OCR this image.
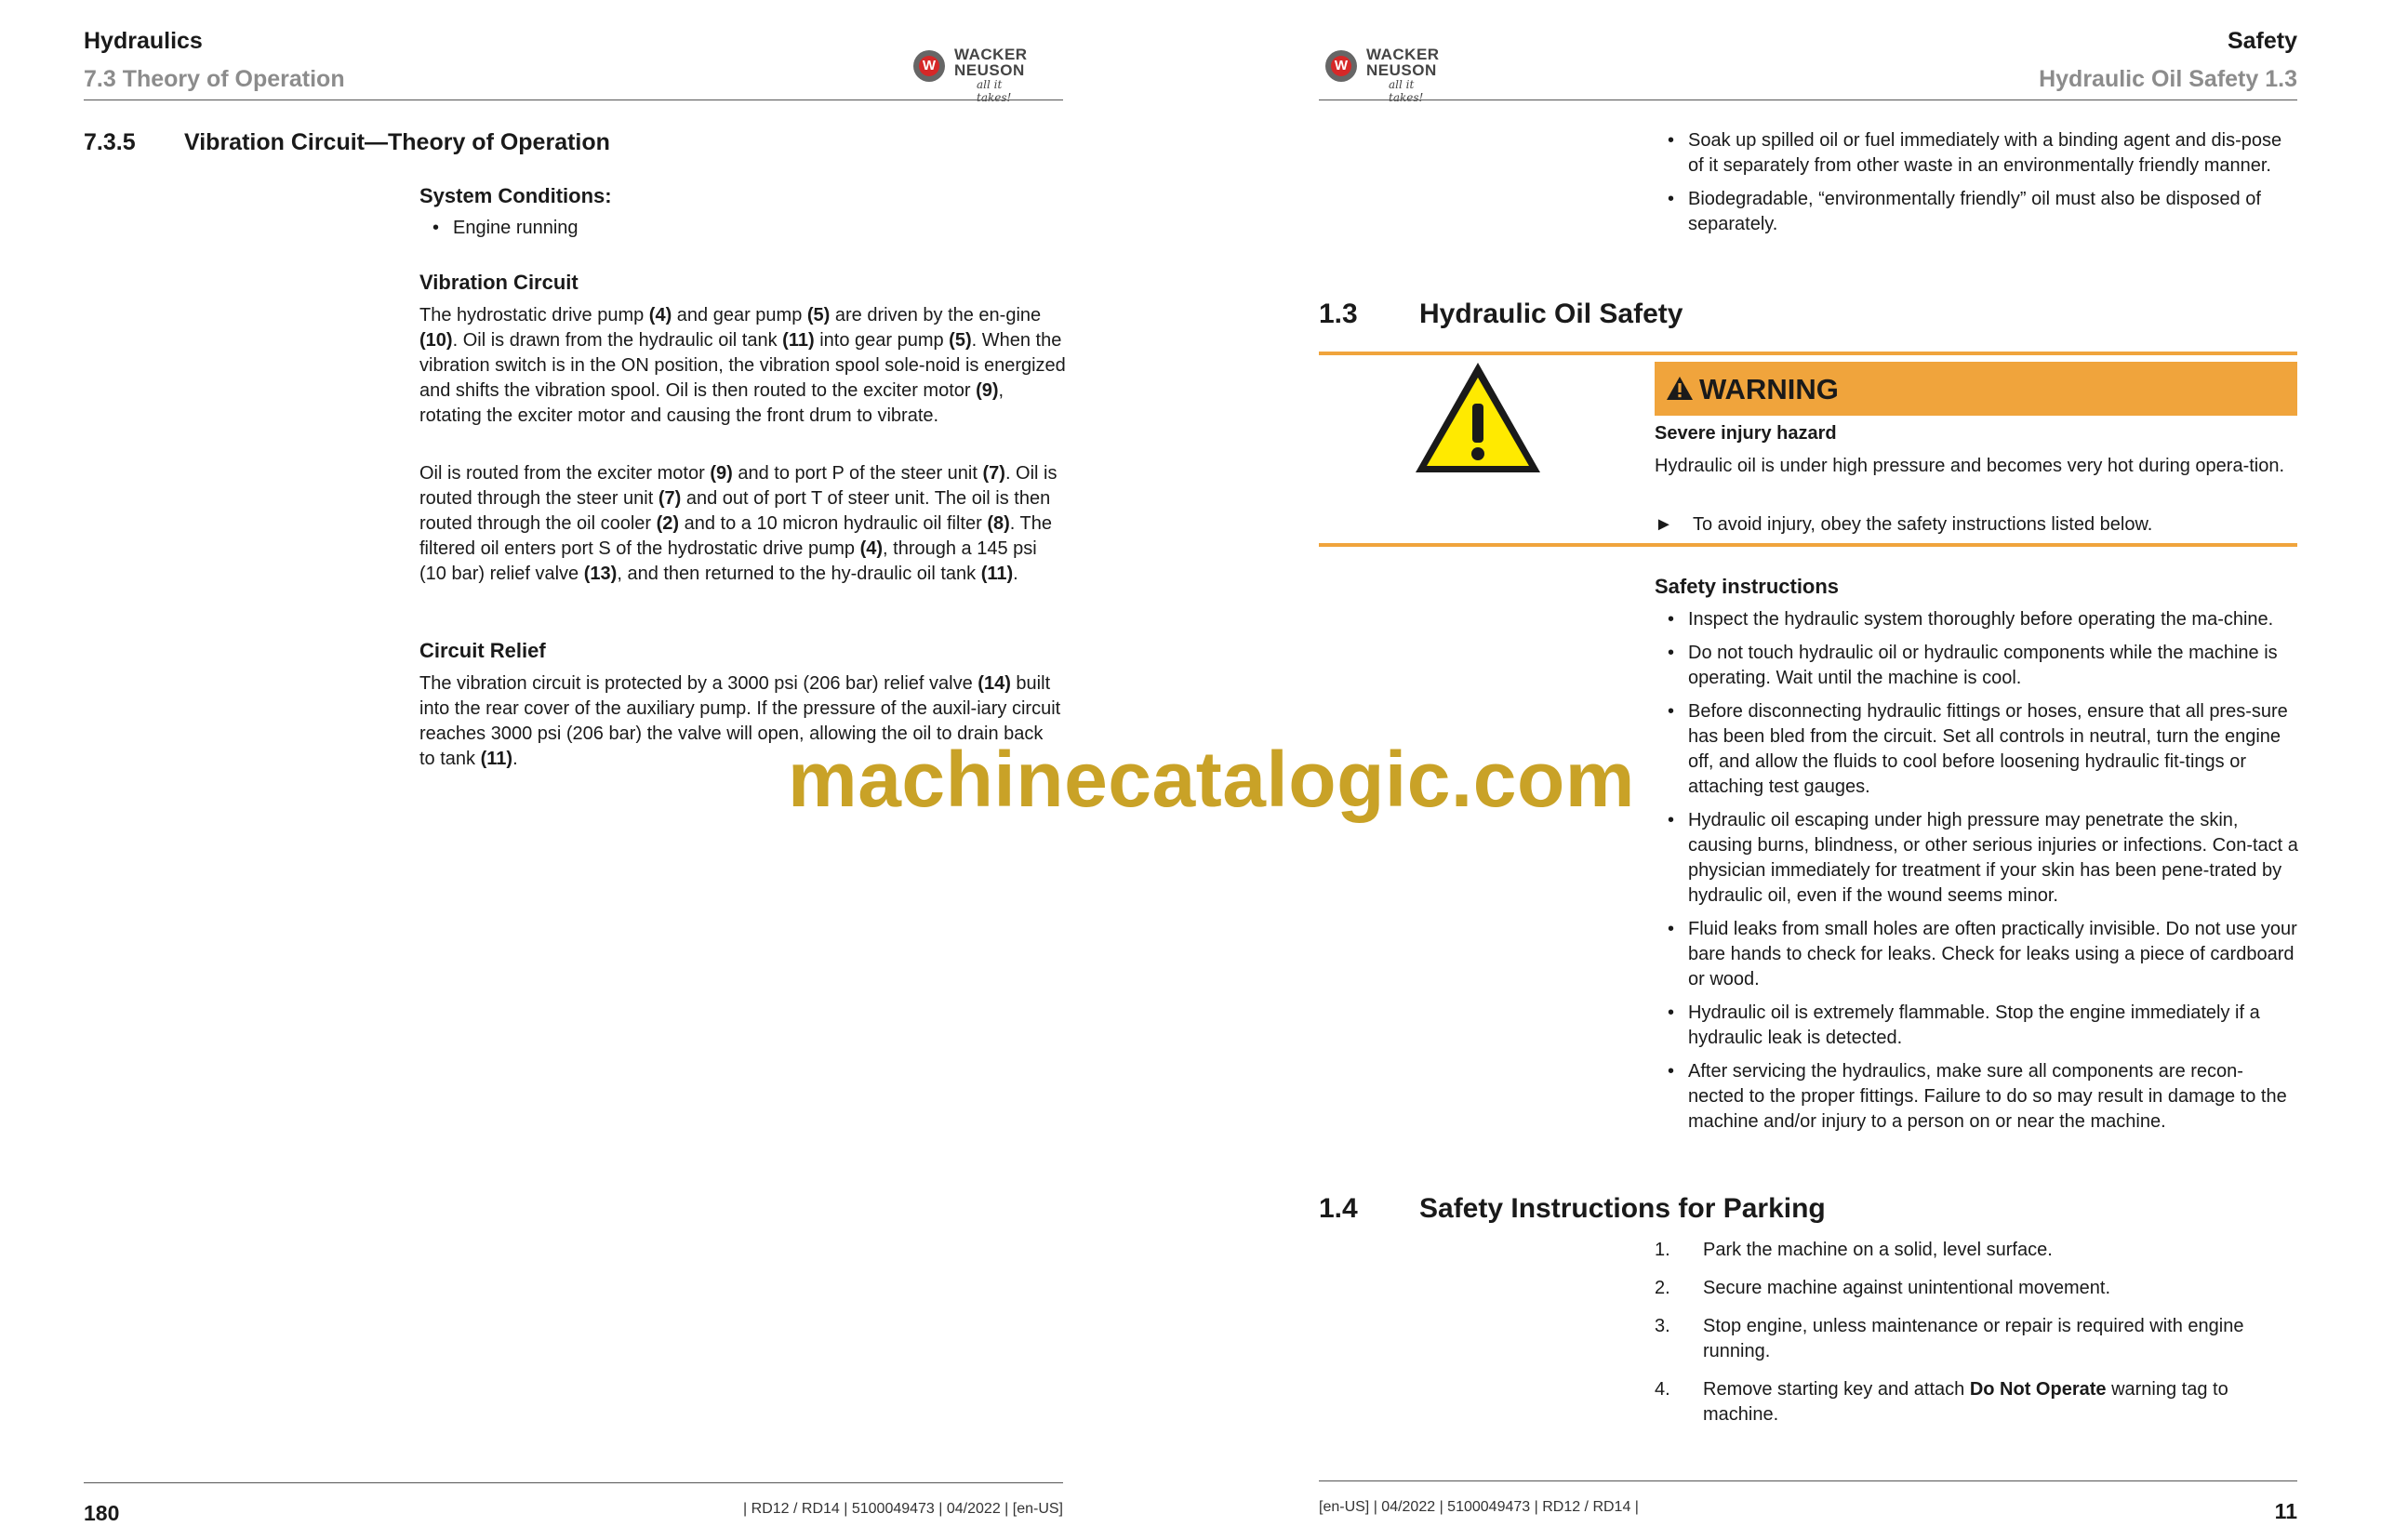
Hydraulics
7.3 Theory of Operation
W
WACKER
NEUSON
all it takes!
7.3.5 Vibration Circuit—Theory of Operation
System Conditions:
• Engine running
Vibration Circuit

The hydrostatic drive pump (4) and gear pump (5) are driven by the en-gine (10). Oil is drawn from the hydraulic oil tank (11) into gear pump (5). When the vibration switch is in the ON position, the vibration spool sole-noid is energized and shifts the vibration spool. Oil is then routed to the exciter motor (9), rotating the exciter motor and causing the front drum to vibrate.

Oil is routed from the exciter motor (9) and to port P of the steer unit (7). Oil is routed through the steer unit (7) and out of port T of steer unit. The oil is then routed through the oil cooler (2) and to a 10 micron hydraulic oil filter (8). The filtered oil enters port S of the hydrostatic drive pump (4), through a 145 psi (10 bar) relief valve (13), and then returned to the hy-draulic oil tank (11).

Circuit Relief

The vibration circuit is protected by a 3000 psi (206 bar) relief valve (14) built into the rear cover of the auxiliary pump. If the pressure of the auxil-iary circuit reaches 3000 psi (206 bar) the valve will open, allowing the oil to drain back to tank (11).

180	| RD12 / RD14 | 5100049473 | 04/2022 | [en-US]
W
WACKER
NEUSON
all it takes!
Safety
Hydraulic Oil Safety 1.3
• Soak up spilled oil or fuel immediately with a binding agent and dis-pose of it separately from other waste in an environmentally friendly manner.
• Biodegradable, “environmentally friendly” oil must also be disposed of separately.
1.3 Hydraulic Oil Safety
WARNING
Severe injury hazard

Hydraulic oil is under high pressure and becomes very hot during opera-tion.

► To avoid injury, obey the safety instructions listed below.
Safety instructions
• Inspect the hydraulic system thoroughly before operating the ma-chine.
• Do not touch hydraulic oil or hydraulic components while the machine is operating. Wait until the machine is cool.
• Before disconnecting hydraulic fittings or hoses, ensure that all pres-sure has been bled from the circuit. Set all controls in neutral, turn the engine off, and allow the fluids to cool before loosening hydraulic fit-tings or attaching test gauges.
• Hydraulic oil escaping under high pressure may penetrate the skin, causing burns, blindness, or other serious injuries or infections. Con-tact a physician immediately for treatment if your skin has been pene-trated by hydraulic oil, even if the wound seems minor.
• Fluid leaks from small holes are often practically invisible. Do not use your bare hands to check for leaks. Check for leaks using a piece of cardboard or wood.
• Hydraulic oil is extremely flammable. Stop the engine immediately if a hydraulic leak is detected.
• After servicing the hydraulics, make sure all components are recon-nected to the proper fittings. Failure to do so may result in damage to the machine and/or injury to a person on or near the machine.
1.4 Safety Instructions for Parking
1. Park the machine on a solid, level surface.
2. Secure machine against unintentional movement.
3. Stop engine, unless maintenance or repair is required with engine running.
4. Remove starting key and attach Do Not Operate warning tag to machine.
[en-US] | 04/2022 | 5100049473 | RD12 / RD14 |	11
machinecatalogic.com
